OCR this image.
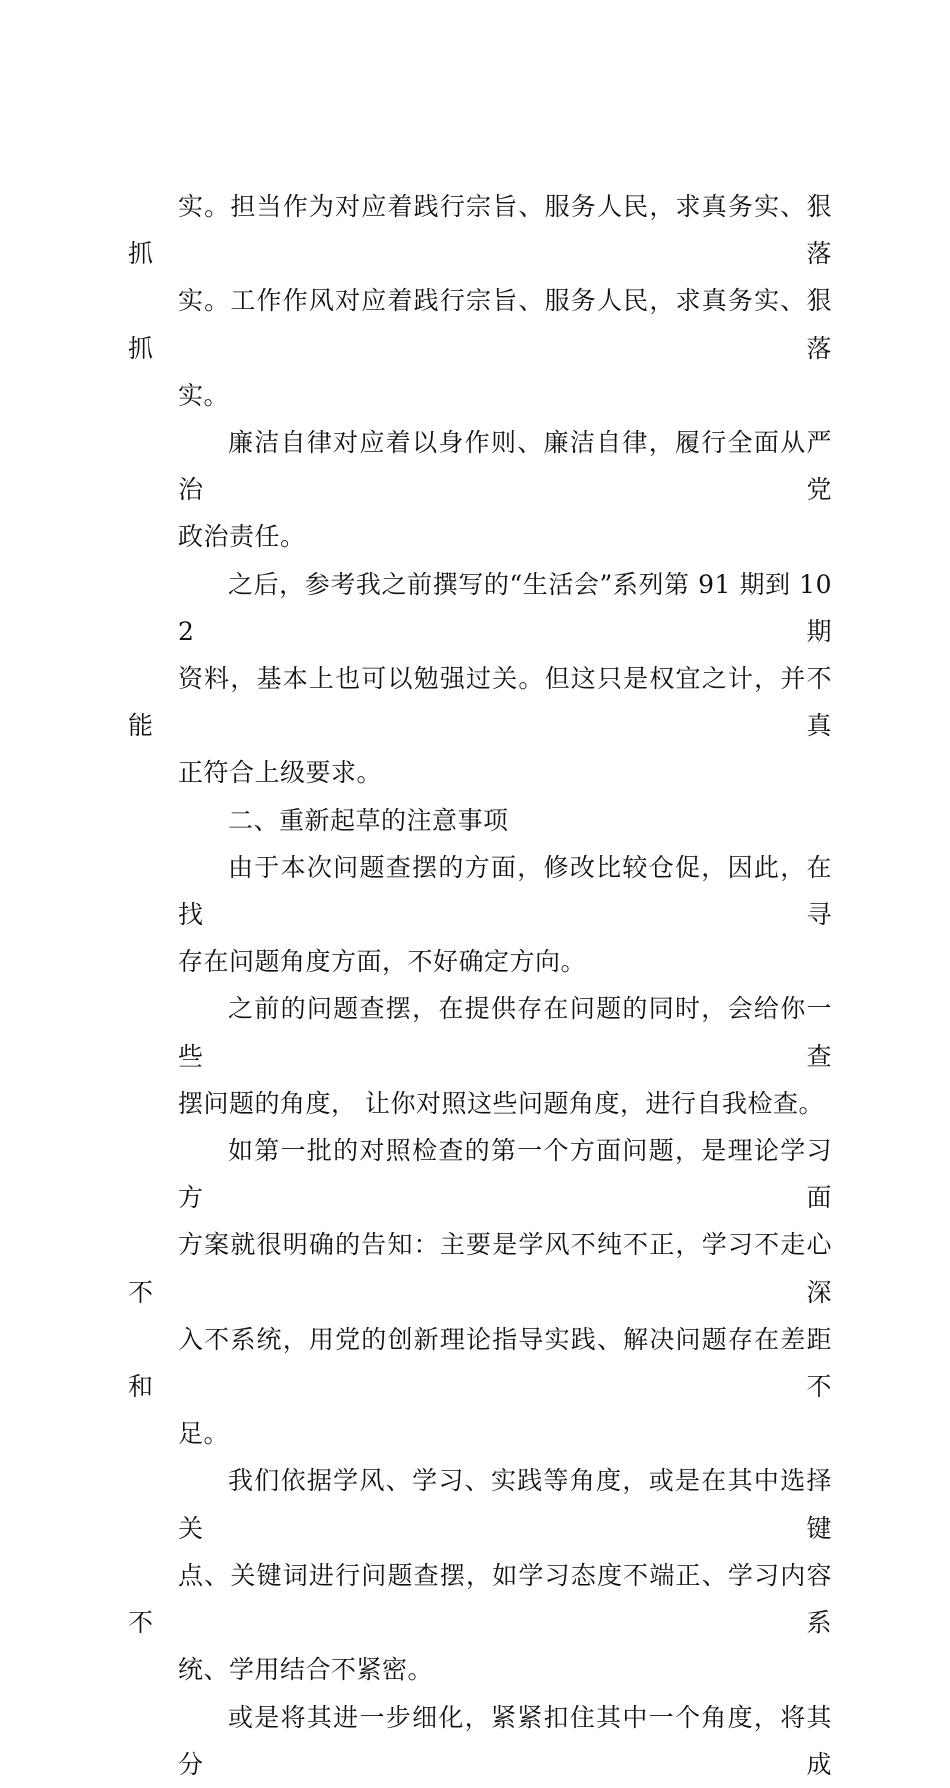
实。担当作为对应着践行宗旨、服务人民，求真务实、狠抓落
实。工作作风对应着践行宗旨、服务人民，求真务实、狠抓落
实。
廉洁自律对应着以身作则、廉洁自律，履行全面从严治党
政治责任。
之后，参考我之前撰写的“生活会”系列第 91 期到 102 期
资料，基本上也可以勉强过关。但这只是权宜之计，并不能真
正符合上级要求。
二、重新起草的注意事项
由于本次问题查摆的方面，修改比较仓促，因此，在找寻
存在问题角度方面，不好确定方向。
之前的问题查摆，在提供存在问题的同时，会给你一些查
摆问题的角度， 让你对照这些问题角度，进行自我检查。
如第一批的对照检查的第一个方面问题，是理论学习方面
方案就很明确的告知：主要是学风不纯不正，学习不走心不深
入不系统，用党的创新理论指导实践、解决问题存在差距和不
足。
我们依据学风、学习、实践等角度，或是在其中选择关键
点、关键词进行问题查摆，如学习态度不端正、学习内容不系
统、学用结合不紧密。
或是将其进一步细化，紧紧扣住其中一个角度，将其分成
